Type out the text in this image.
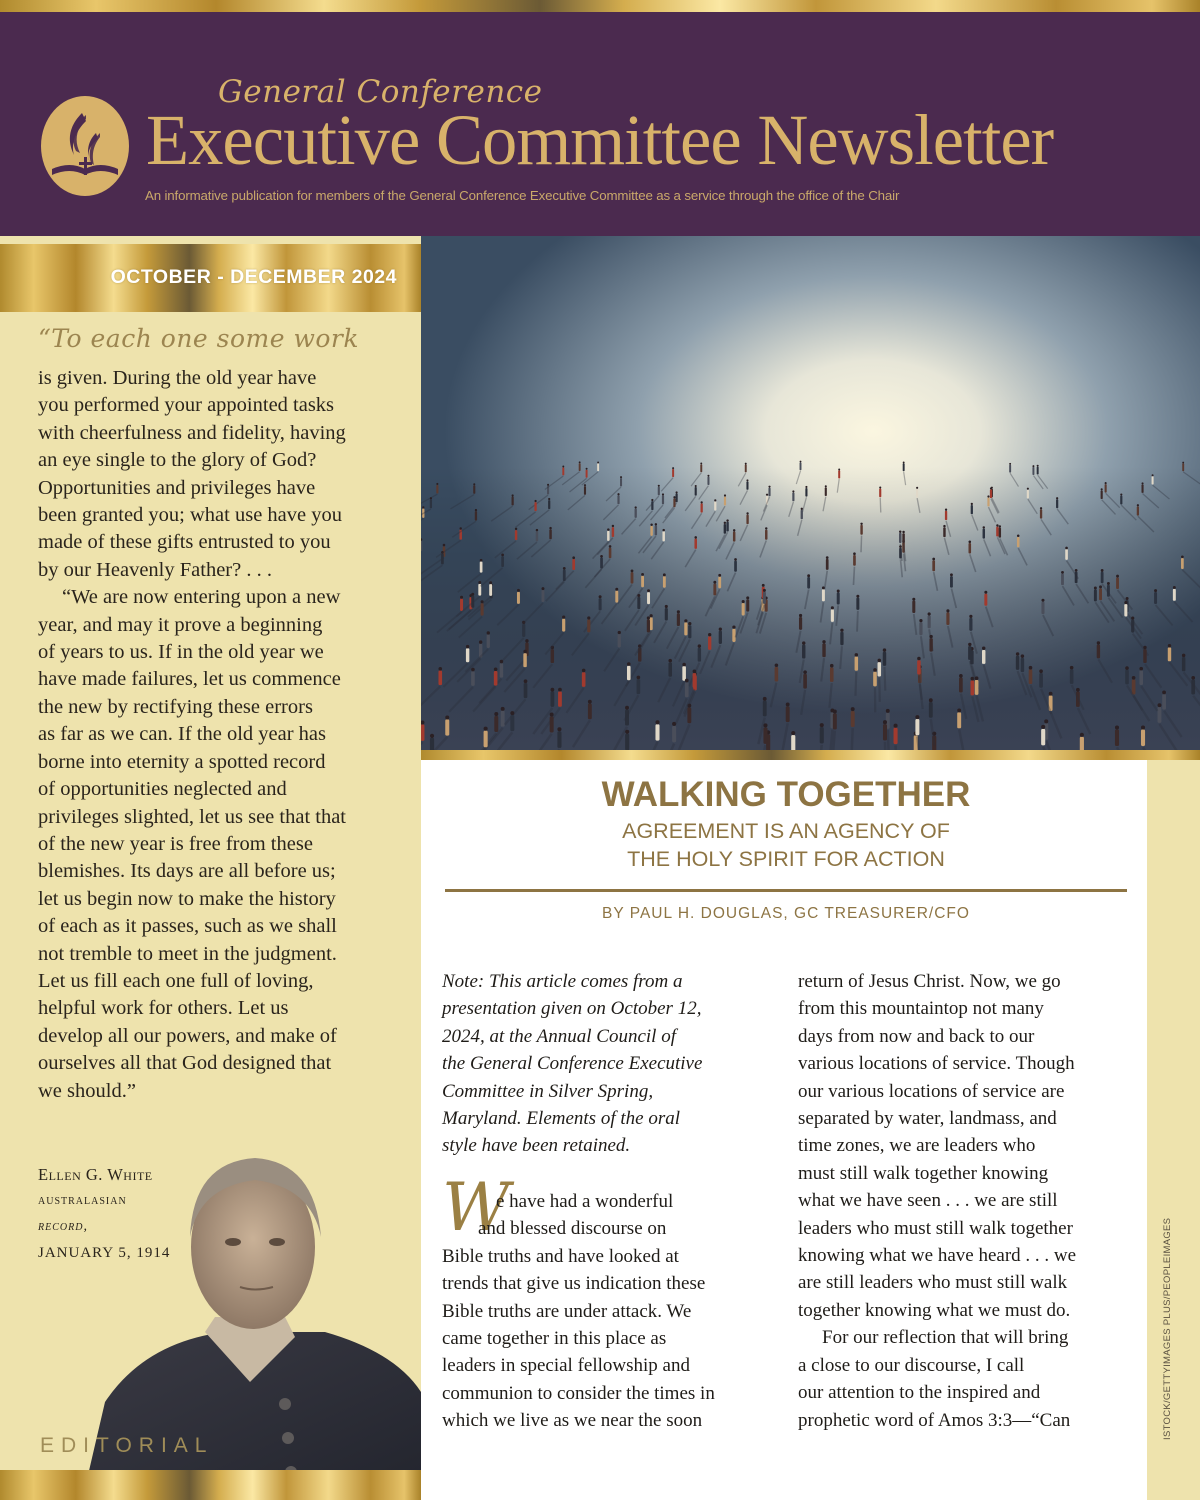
General Conference
Executive Committee Newsletter
An informative publication for members of the General Conference Executive Committee as a service through the office of the Chair
OCTOBER - DECEMBER 2024
“To each one some work

is given. During the old year have
you performed your appointed tasks
with cheerfulness and fidelity, having
an eye single to the glory of God?
Opportunities and privileges have
been granted you; what use have you
made of these gifts entrusted to you
by our Heavenly Father? . . .

“We are now entering upon a new
year, and may it prove a beginning
of years to us. If in the old year we
have made failures, let us commence
the new by rectifying these errors
as far as we can. If the old year has
borne into eternity a spotted record
of opportunities neglected and
privileges slighted, let us see that that
of the new year is free from these
blemishes. Its days are all before us;
let us begin now to make the history
of each as it passes, such as we shall
not tremble to meet in the judgment.
Let us fill each one full of loving,
helpful work for others. Let us
develop all our powers, and make of
ourselves all that God designed that
we should.”

Ellen G. White
australasian
record,
JANUARY 5, 1914
EDITORIAL
ISTOCK/GETTYIMAGES PLUS/PEOPLEIMAGES
WALKING TOGETHER
AGREEMENT IS AN AGENCY OF
THE HOLY SPIRIT FOR ACTION
BY PAUL H. DOUGLAS, GC TREASURER/CFO
Note: This article comes from a
presentation given on October 12,
2024, at the Annual Council of
the General Conference Executive
Committee in Silver Spring,
Maryland. Elements of the oral
style have been retained.
W
e have had a wonderful
and blessed discourse on
Bible truths and have looked at
trends that give us indication these
Bible truths are under attack. We
came together in this place as
leaders in special fellowship and
communion to consider the times in
which we live as we near the soon
return of Jesus Christ. Now, we go
from this mountaintop not many
days from now and back to our
various locations of service. Though
our various locations of service are
separated by water, landmass, and
time zones, we are leaders who
must still walk together knowing
what we have seen . . . we are still
leaders who must still walk together
knowing what we have heard . . . we
are still leaders who must still walk
together knowing what we must do.
For our reflection that will bring
a close to our discourse, I call
our attention to the inspired and
prophetic word of Amos 3:3—“Can
